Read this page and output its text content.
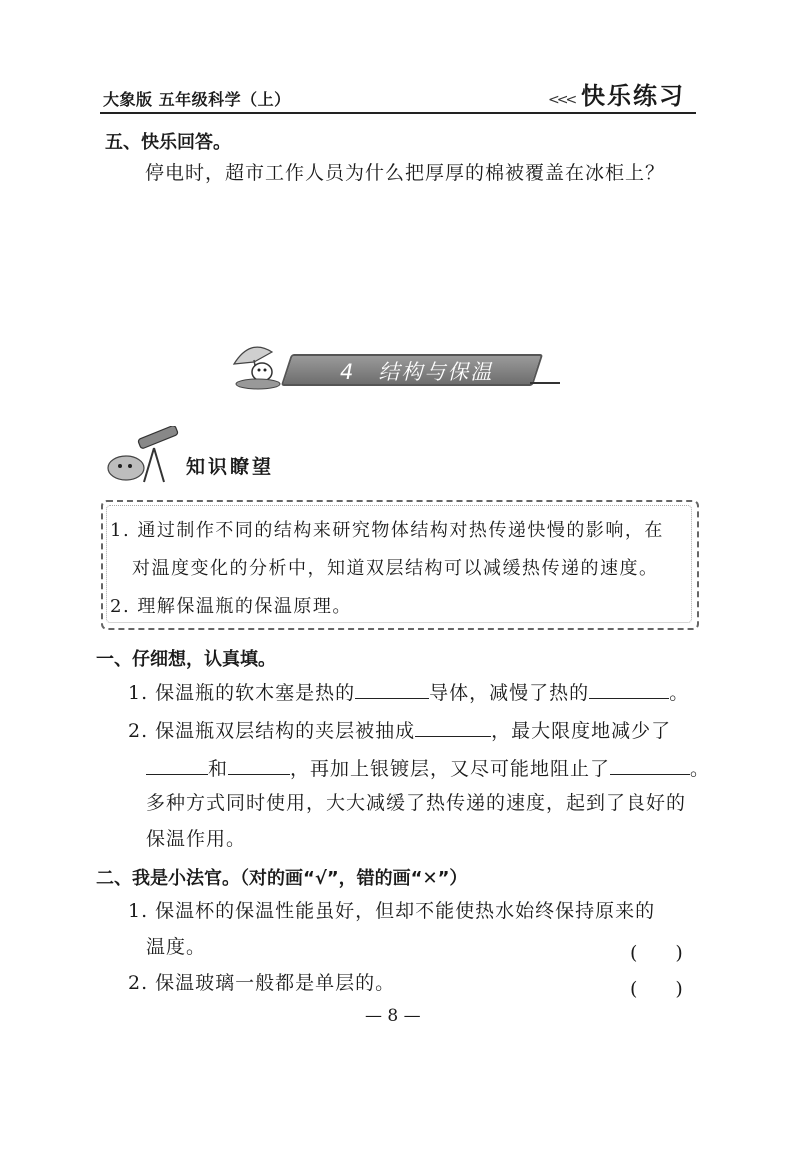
大象版 五年级科学（上）	<<< 快乐练习
五、快乐回答。
停电时，超市工作人员为什么把厚厚的棉被覆盖在冰柜上？
4　结构与保温
知识瞭望
1. 通过制作不同的结构来研究物体结构对热传递快慢的影响，在
对温度变化的分析中，知道双层结构可以减缓热传递的速度。
2. 理解保温瓶的保温原理。
一、仔细想，认真填。
1. 保温瓶的软木塞是热的	导体，减慢了热的	。
2. 保温瓶双层结构的夹层被抽成	，最大限度地减少了
和	，再加上银镀层，又尽可能地阻止了	。
多种方式同时使用，大大减缓了热传递的速度，起到了良好的
保温作用。
二、我是小法官。（对的画“√”，错的画“✕”）
1. 保温杯的保温性能虽好，但却不能使热水始终保持原来的
温度。	(　　)
2. 保温玻璃一般都是单层的。	(　　)
— 8 —
